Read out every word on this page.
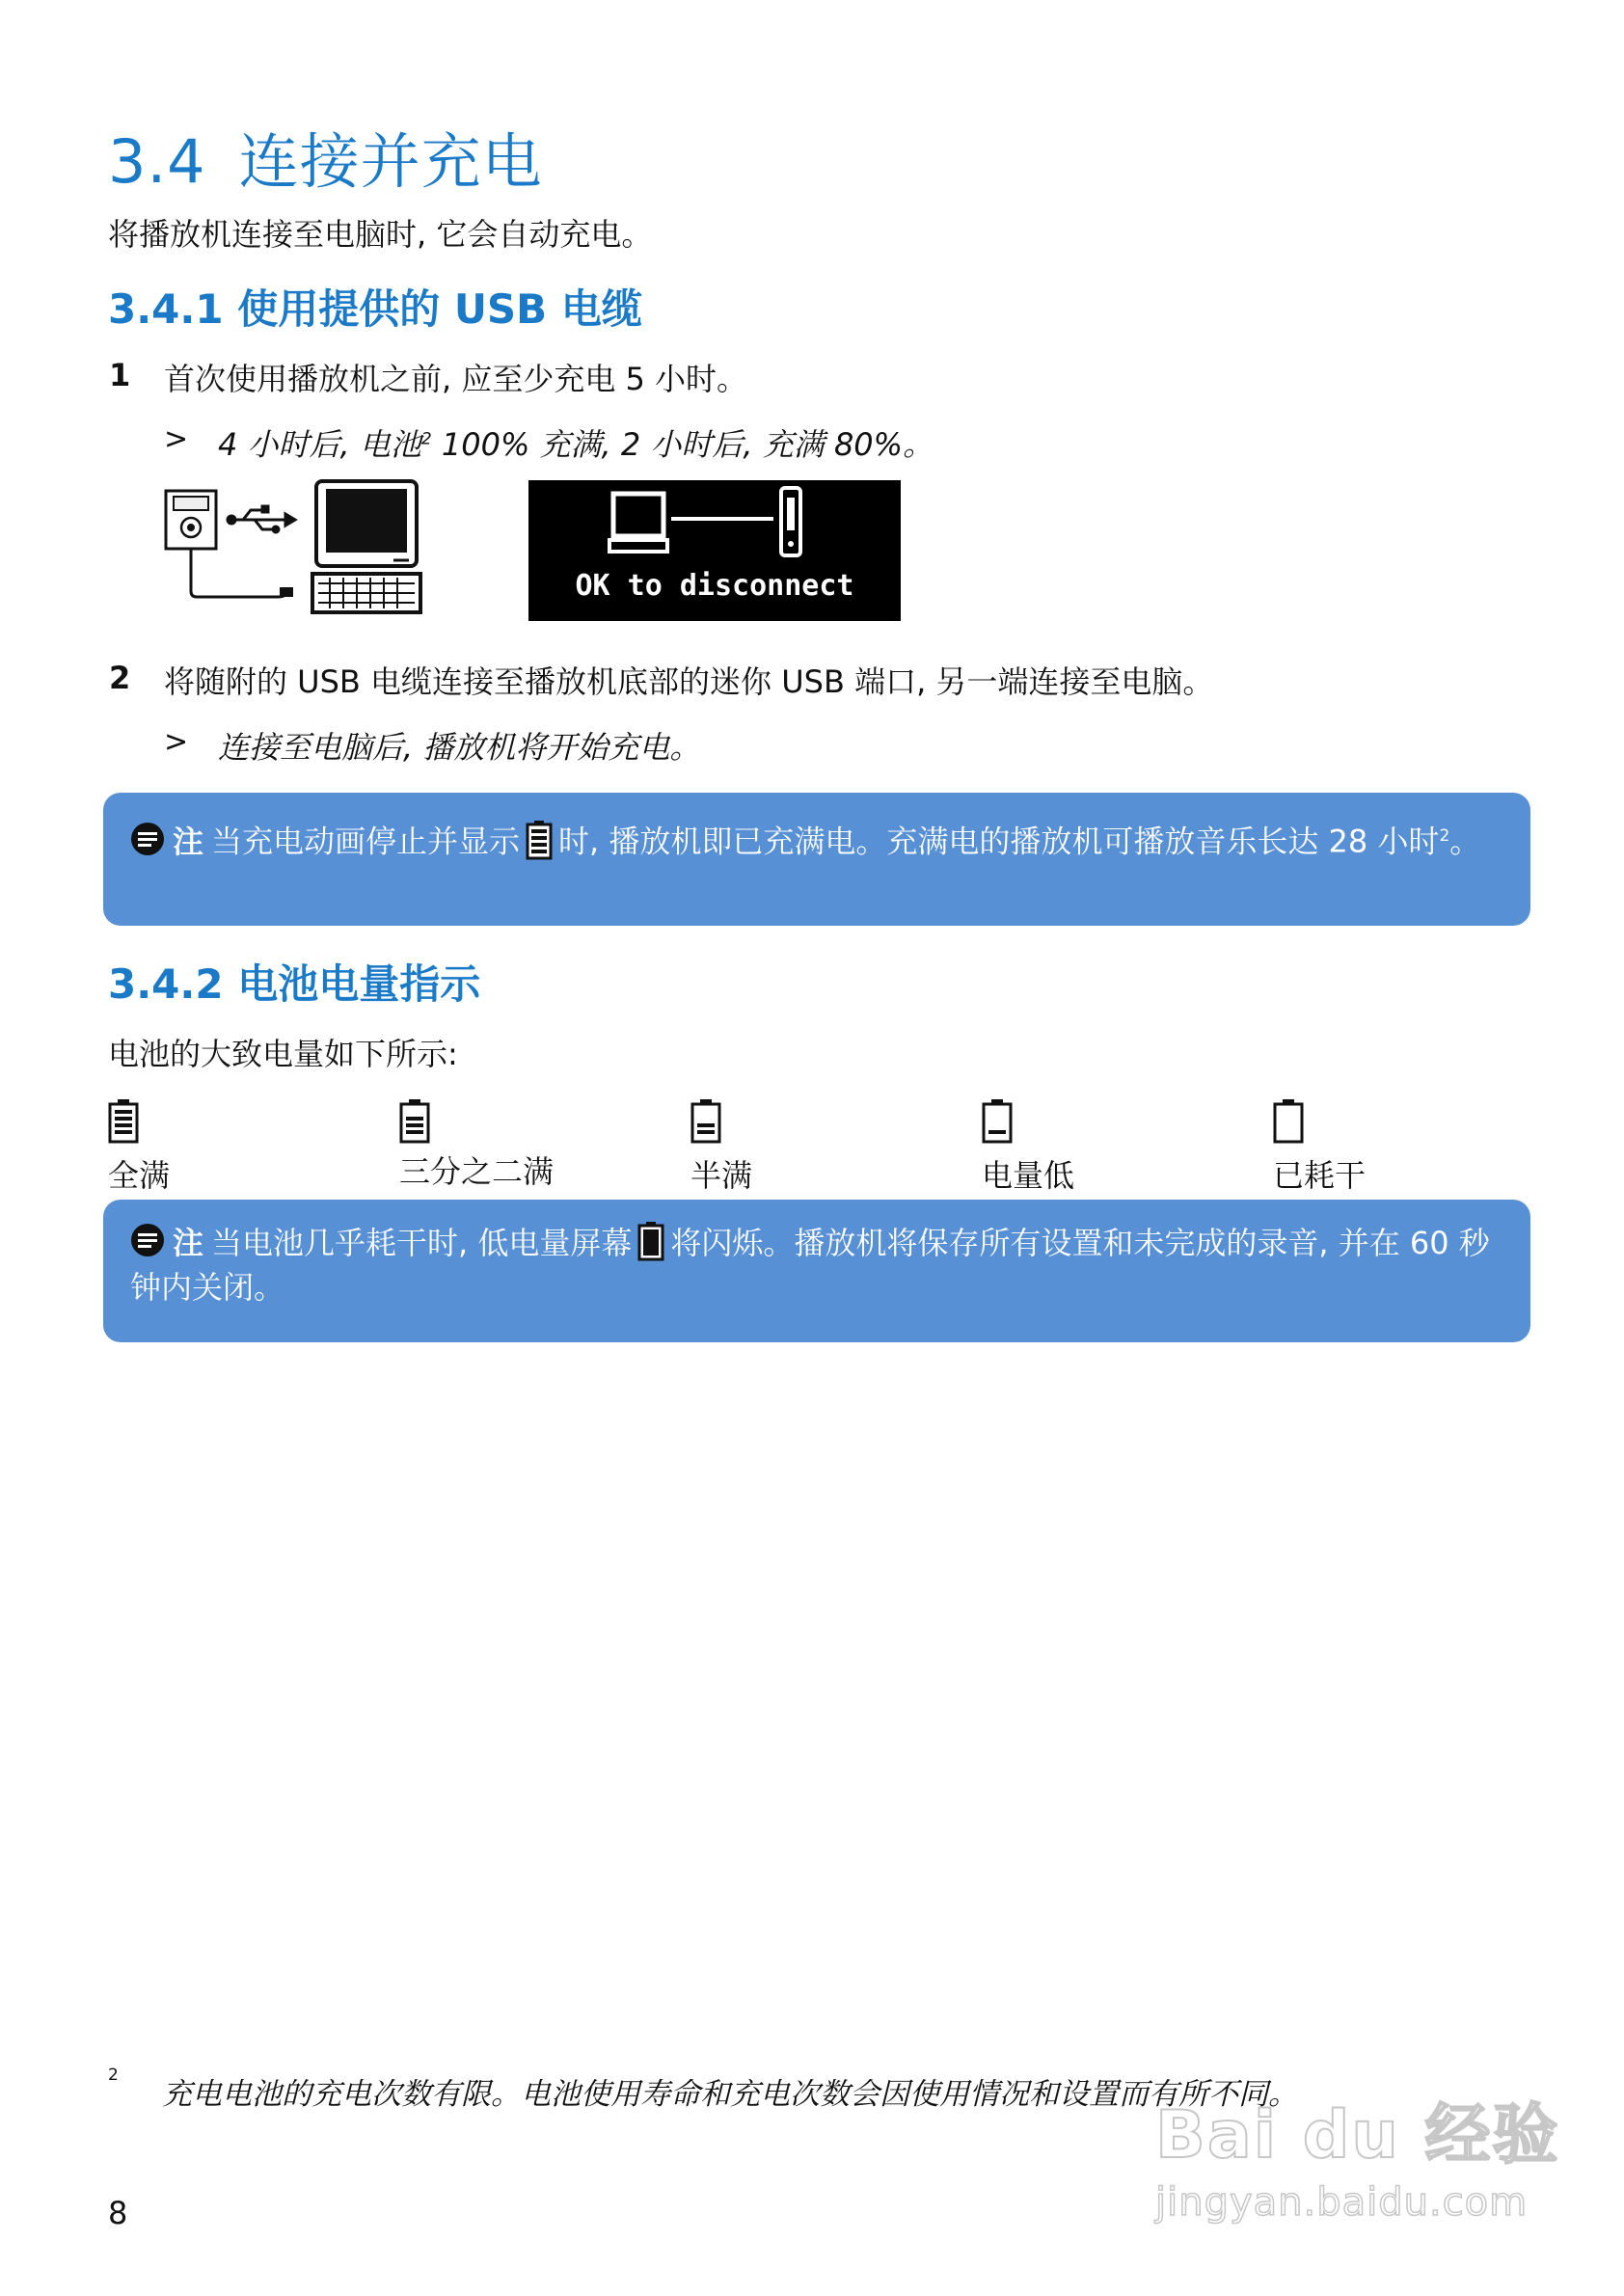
3.4 连接并充电
将播放机连接至电脑时, 它会自动充电。
3.4.1 使用提供的 USB 电缆
1 首次使用播放机之前, 应至少充电 5 小时。
> 4 小时后, 电池$^2$ 100% 充满, 2 小时后, 充满 80%。
OK to disconnect
2 将随附的 USB 电缆连接至播放机底部的迷你 USB 端口, 另一端连接至电脑。
> 连接至电脑后, 播放机将开始充电。
注 当充电动画停止并显示 时, 播放机即已充满电。充满电的播放机可播放音乐长达 28 小时$^2$。
3.4.2 电池电量指示
电池的大致电量如下所示:
全满	三分之二满	半满	电量低	已耗干
注 当电池几乎耗干时, 低电量屏幕 将闪烁。播放机将保存所有设置和未完成的录音, 并在 60 秒钟内关闭。
2
充电电池的充电次数有限。电池使用寿命和充电次数会因使用情况和设置而有所不同。
8
Bai du 经验
jingyan.baidu.com
